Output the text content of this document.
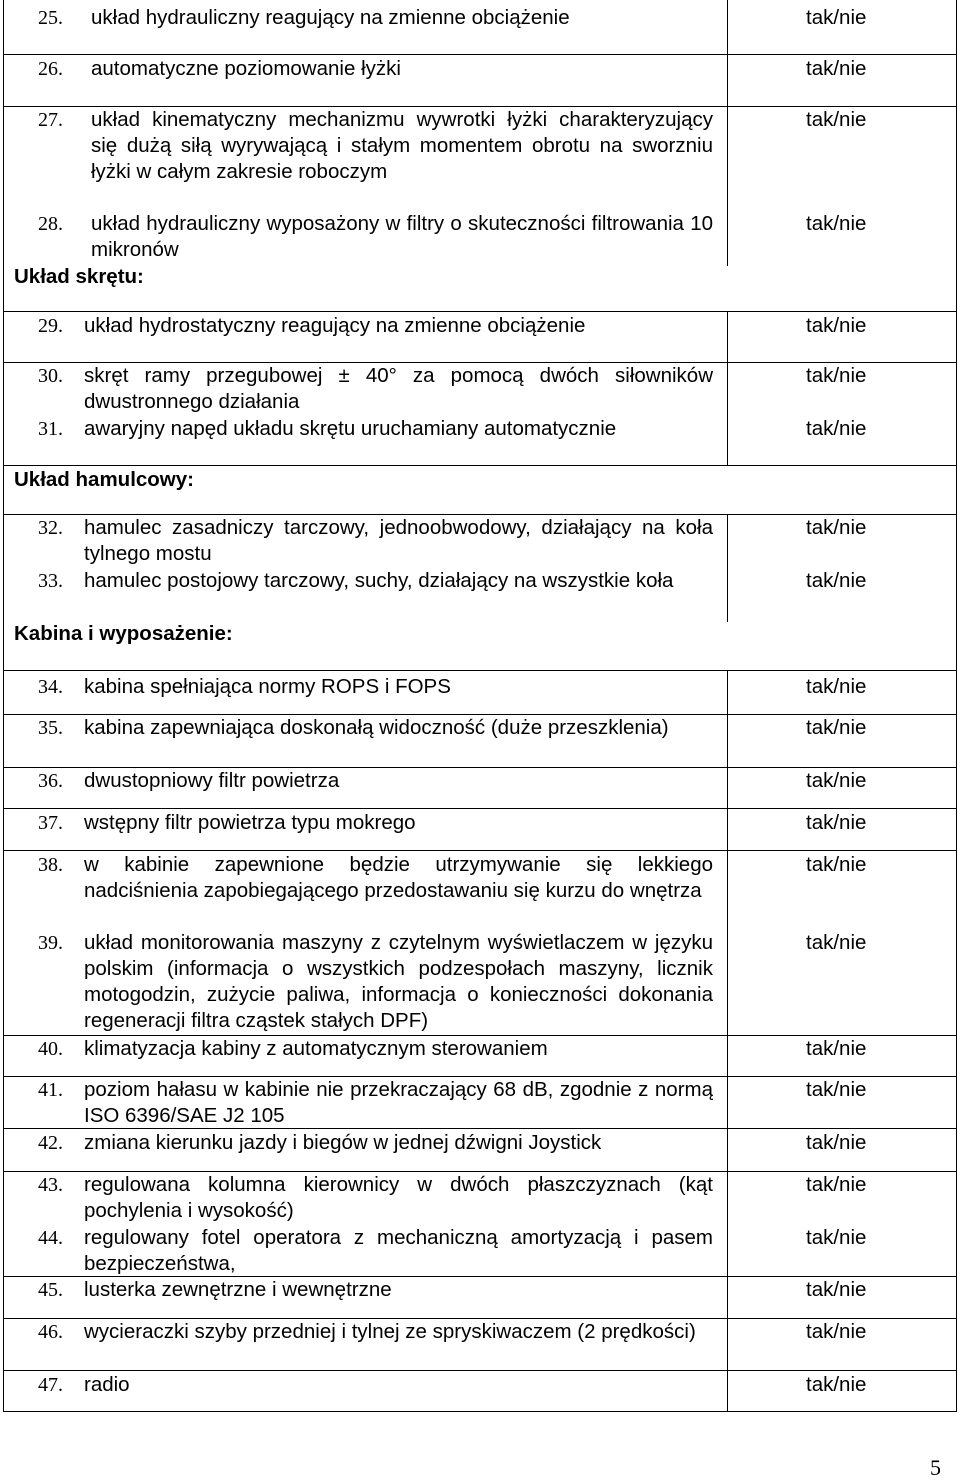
25. układ hydrauliczny reagujący na zmienne obciążenie	tak/nie
26. automatyczne poziomowanie łyżki	tak/nie
27. układ kinematyczny mechanizmu wywrotki łyżki charakteryzujący się dużą siłą wyrywającą i stałym momentem obrotu na sworzniu łyżki w całym zakresie roboczym
tak/nie
28. układ hydrauliczny wyposażony w filtry o skuteczności filtrowania 10 mikronów
tak/nie
Układ skrętu:
29. układ hydrostatyczny reagujący na zmienne obciążenie	tak/nie
30. skręt ramy przegubowej ± 40° za pomocą dwóch siłowników dwustronnego działania
tak/nie
31. awaryjny napęd układu skrętu uruchamiany automatycznie	tak/nie
Układ hamulcowy:
32. hamulec zasadniczy tarczowy, jednoobwodowy, działający na koła tylnego mostu
tak/nie
33. hamulec postojowy tarczowy, suchy, działający na wszystkie koła	tak/nie
Kabina i wyposażenie:
34. kabina spełniająca normy ROPS i FOPS	tak/nie
35. kabina zapewniająca doskonałą widoczność (duże przeszklenia)	tak/nie
36. dwustopniowy filtr powietrza	tak/nie
37. wstępny filtr powietrza typu mokrego	tak/nie
38. w kabinie zapewnione będzie utrzymywanie się lekkiego nadciśnienia zapobiegającego przedostawaniu się kurzu do wnętrza
tak/nie
39. układ monitorowania maszyny z czytelnym wyświetlaczem w języku polskim (informacja o wszystkich podzespołach maszyny, licznik motogodzin, zużycie paliwa, informacja o konieczności dokonania regeneracji filtra cząstek stałych DPF)
tak/nie
40. klimatyzacja kabiny z automatycznym sterowaniem	tak/nie
41. poziom hałasu w kabinie nie przekraczający 68 dB, zgodnie z normą ISO 6396/SAE J2 105
tak/nie
42. zmiana kierunku jazdy i biegów w jednej dźwigni Joystick	tak/nie
43. regulowana kolumna kierownicy w dwóch płaszczyznach (kąt pochylenia i wysokość)
tak/nie
44. regulowany fotel operatora z mechaniczną amortyzacją i pasem bezpieczeństwa,
tak/nie
45. lusterka zewnętrzne i wewnętrzne	tak/nie
46. wycieraczki szyby przedniej i tylnej ze spryskiwaczem (2 prędkości)	tak/nie
47. radio	tak/nie
5
